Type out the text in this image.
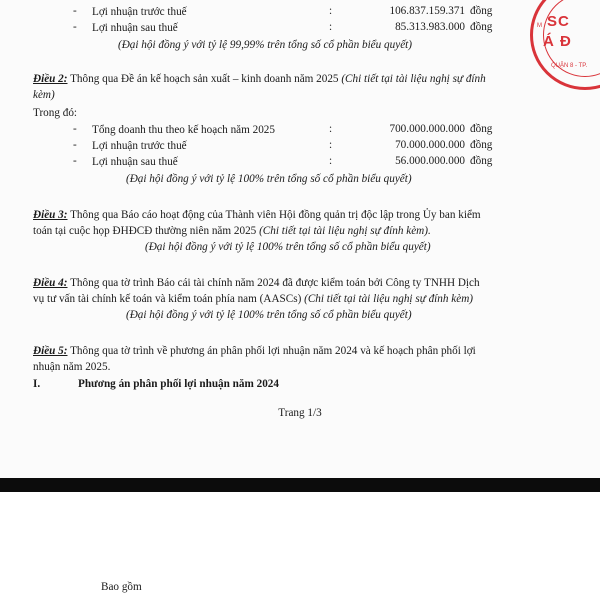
SC
Á Đ
M
QUẬN 8 - TP.
- Lợi nhuận trước thuế	:	106.837.159.371 đồng
- Lợi nhuận sau thuế	:	85.313.983.000 đồng
(Đại hội đồng ý với tỷ lệ 99,99% trên tổng số cổ phần biểu quyết)
Điều 2: Thông qua Đề án kế hoạch sản xuất – kinh doanh năm 2025 (Chi tiết tại tài liệu nghị sự đính
kèm)
Trong đó:
- Tổng doanh thu theo kế hoạch năm 2025	:	700.000.000.000 đồng
- Lợi nhuận trước thuế	:	70.000.000.000 đồng
- Lợi nhuận sau thuế	:	56.000.000.000 đồng
(Đại hội đồng ý với tỷ lệ 100% trên tổng số cổ phần biểu quyết)
Điều 3: Thông qua Báo cáo hoạt động của Thành viên Hội đồng quản trị độc lập trong Ủy ban kiểm
toán tại cuộc họp ĐHĐCĐ thường niên năm 2025 (Chi tiết tại tài liệu nghị sự đính kèm).
(Đại hội đồng ý với tỷ lệ 100% trên tổng số cổ phần biểu quyết)
Điều 4: Thông qua tờ trình Báo cái tài chính năm 2024 đã được kiểm toán bởi Công ty TNHH Dịch
vụ tư vấn tài chính kế toán và kiểm toán phía nam (AASCs) (Chi tiết tại tài liệu nghị sự đính kèm)
(Đại hội đồng ý với tỷ lệ 100% trên tổng số cổ phần biểu quyết)
Điều 5: Thông qua tờ trình về phương án phân phối lợi nhuận năm 2024 và kế hoạch phân phối lợi
nhuận năm 2025.
I.	Phương án phân phối lợi nhuận năm 2024
Trang 1/3
Bao gồm
